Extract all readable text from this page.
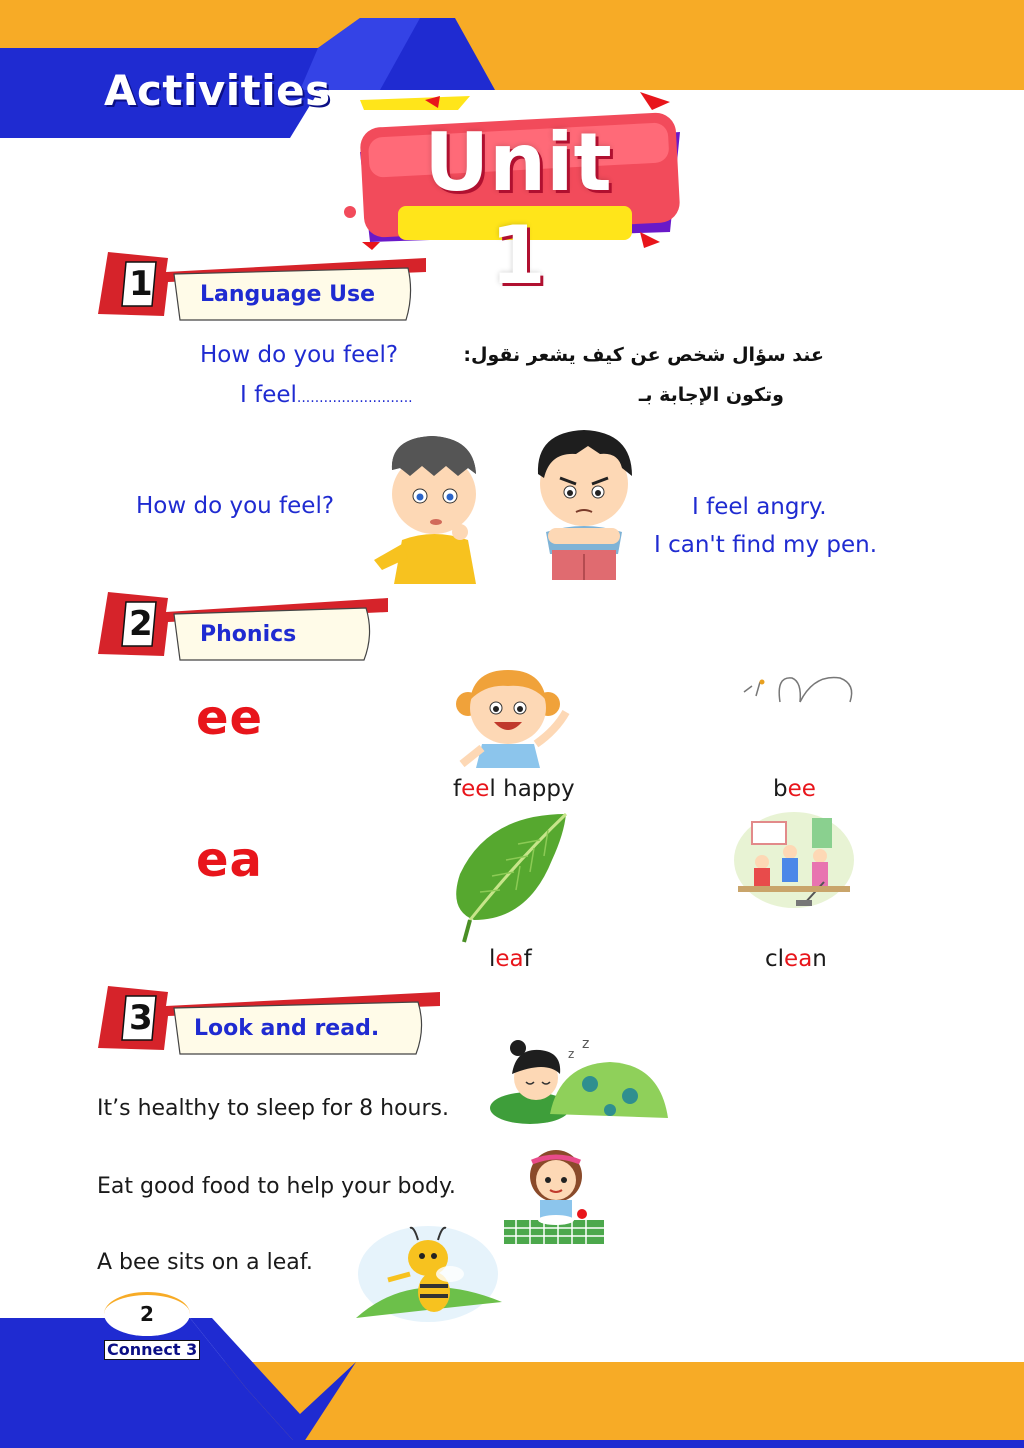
Activities
Unit 1
1 Language Use
How do you feel?
I feel..........................
عند سؤال شخص عن كيف يشعر نقول:
وتكون الإجابة بـ
How do you feel?	I feel angry.
I can't find my pen.
2 Phonics
ee
ea
feel happy	bee
leaf	clean
3 Look and read.
It’s healthy to sleep for 8 hours.
Eat good food to help your body.
A bee sits on a leaf.
z
z
2
Connect 3
